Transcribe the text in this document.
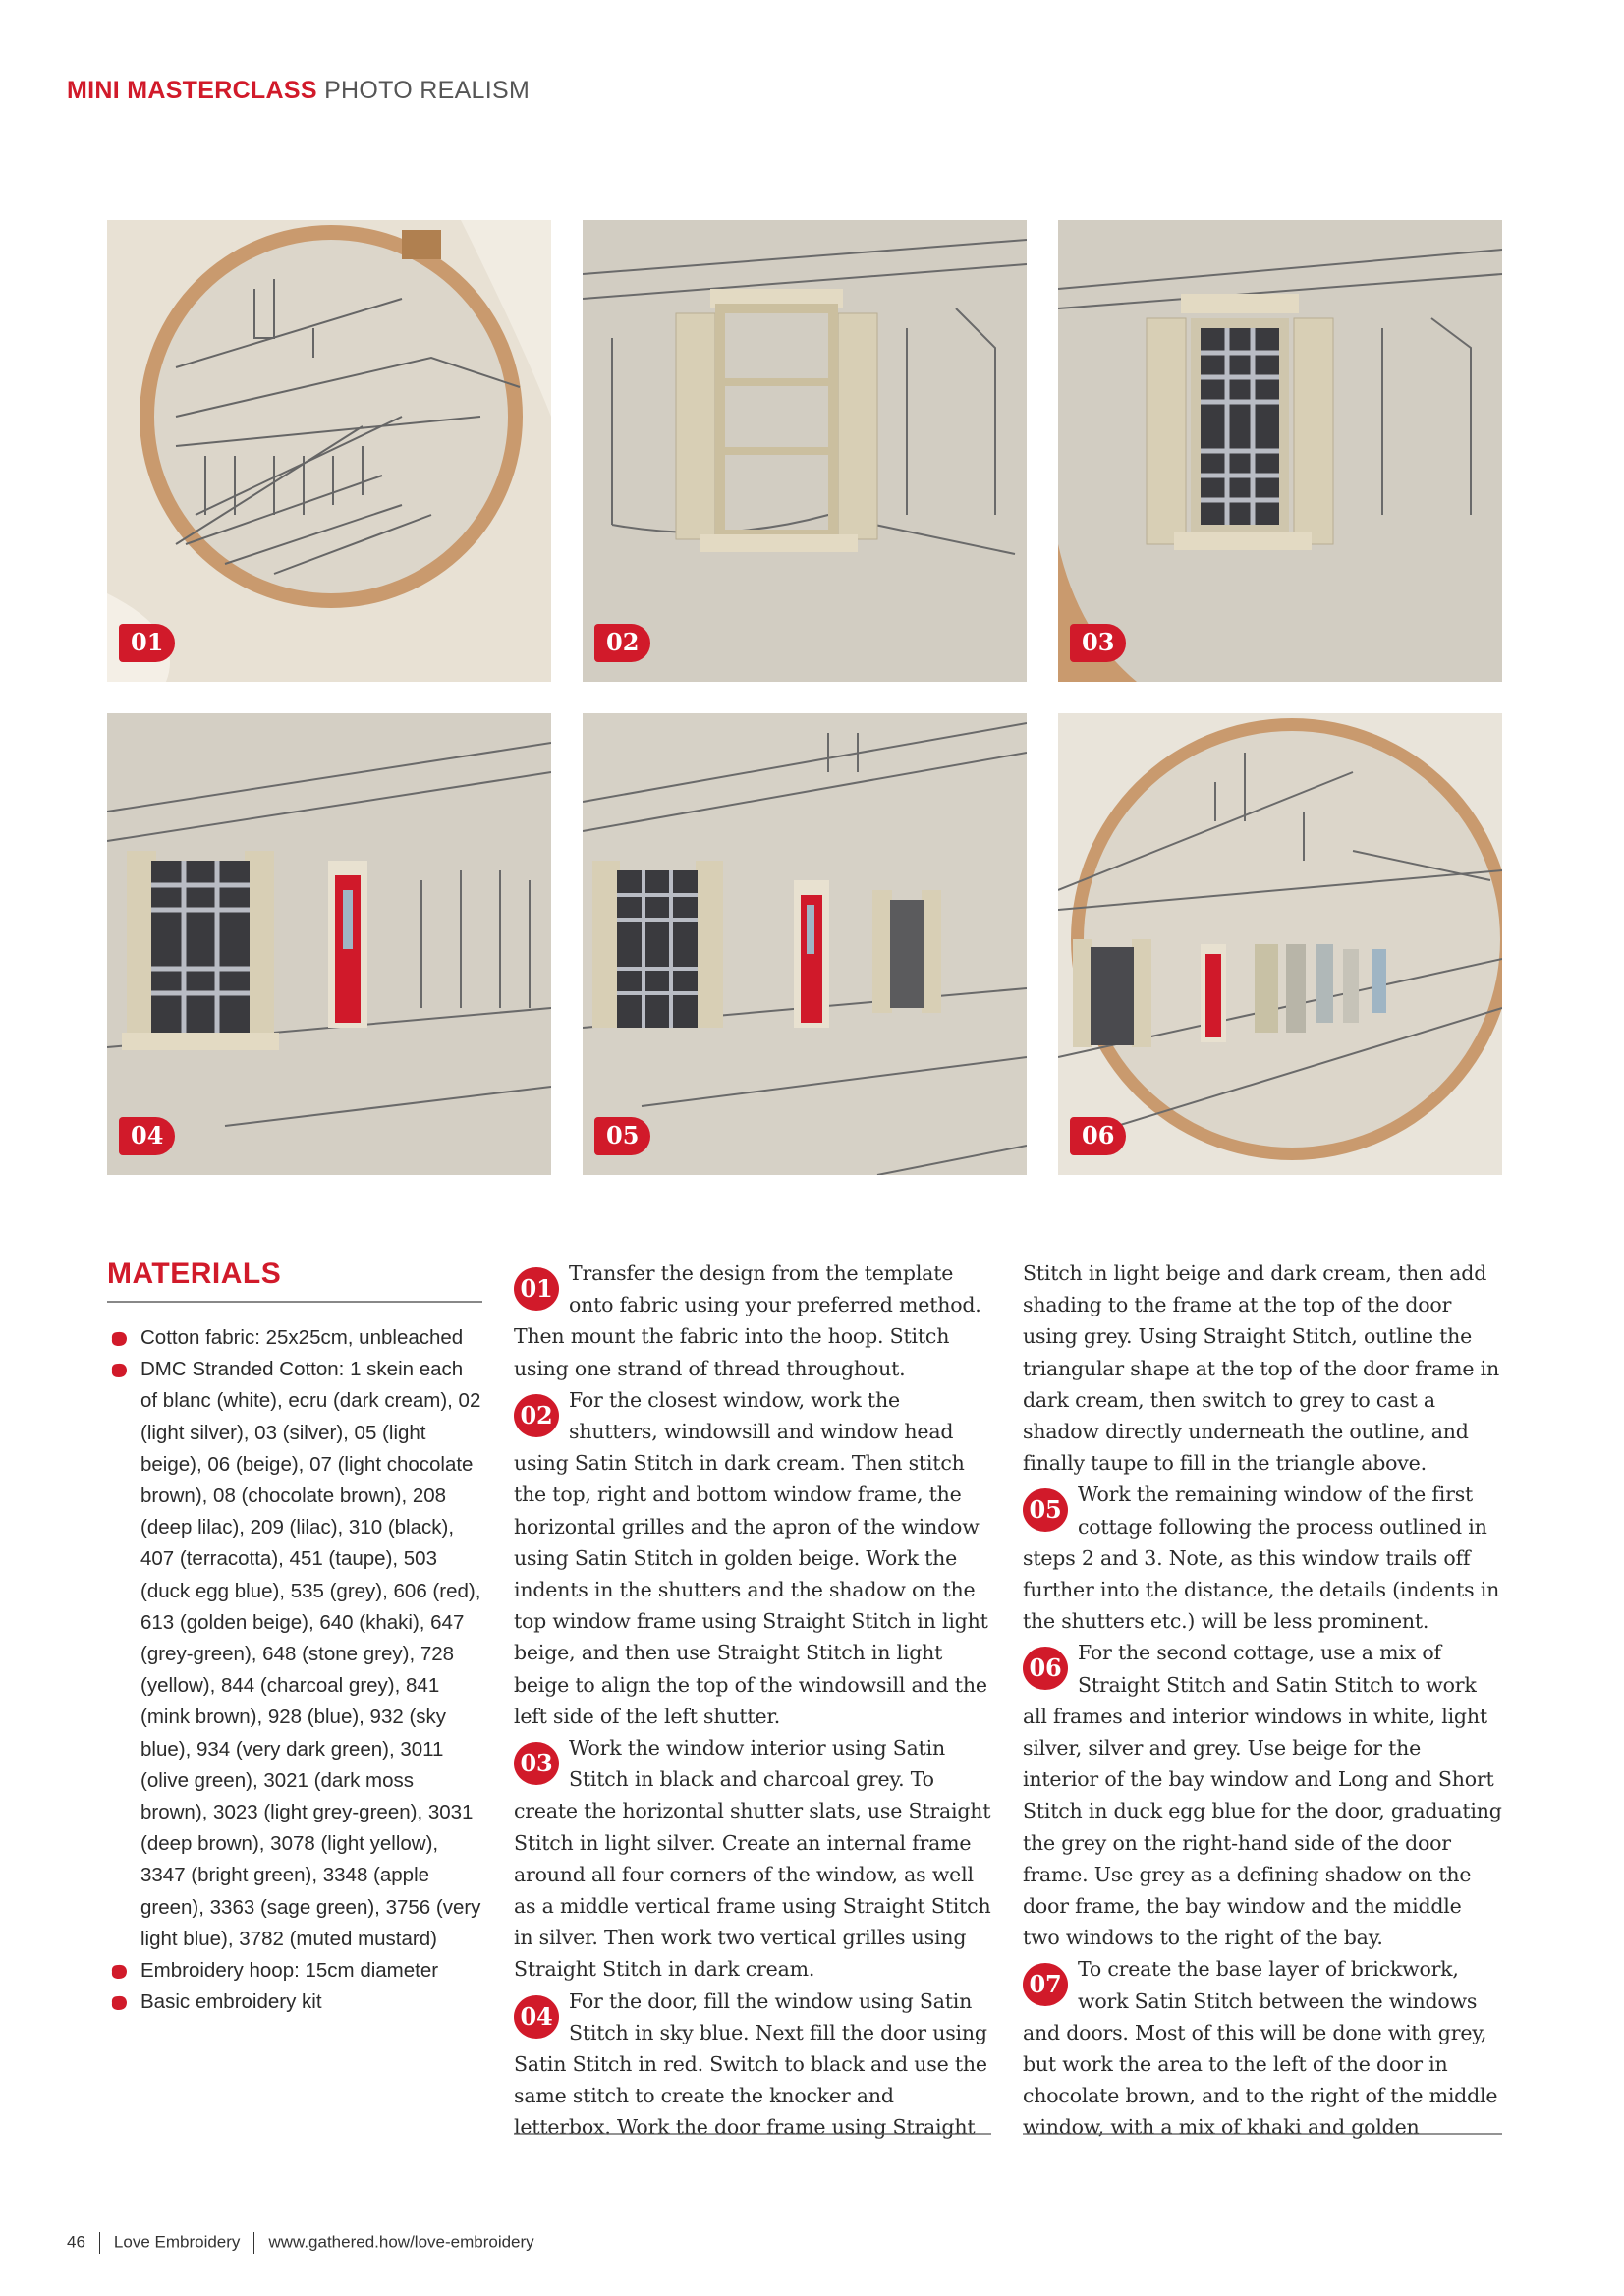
MINI MASTERCLASS PHOTO REALISM
01	02	03
04	05	06
MATERIALS
Cotton fabric: 25x25cm, unbleached
DMC Stranded Cotton: 1 skein each of blanc (white), ecru (dark cream), 02 (light silver), 03 (silver), 05 (light beige), 06 (beige), 07 (light chocolate brown), 08 (chocolate brown), 208 (deep lilac), 209 (lilac), 310 (black), 407 (terracotta), 451 (taupe), 503 (duck egg blue), 535 (grey), 606 (red), 613 (golden beige), 640 (khaki), 647 (grey-green), 648 (stone grey), 728 (yellow), 844 (charcoal grey), 841 (mink brown), 928 (blue), 932 (sky blue), 934 (very dark green), 3011 (olive green), 3021 (dark moss brown), 3023 (light grey-green), 3031 (deep brown), 3078 (light yellow), 3347 (bright green), 3348 (apple green), 3363 (sage green), 3756 (very light blue), 3782 (muted mustard)
Embroidery hoop: 15cm diameter
Basic embroidery kit

01
Transfer the design from the template onto fabric using your preferred method. Then mount the fabric into the hoop. Stitch using one strand of thread throughout.

02
For the closest window, work the shutters, windowsill and window head using Satin Stitch in dark cream. Then stitch the top, right and bottom window frame, the horizontal grilles and the apron of the window using Satin Stitch in golden beige. Work the indents in the shutters and the shadow on the top window frame using Straight Stitch in light beige, and then use Straight Stitch in light beige to align the top of the windowsill and the left side of the left shutter.

03
Work the window interior using Satin Stitch in black and charcoal grey. To create the horizontal shutter slats, use Straight Stitch in light silver. Create an internal frame around all four corners of the window, as well as a middle vertical frame using Straight Stitch in silver. Then work two vertical grilles using Straight Stitch in dark cream.

04
For the door, fill the window using Satin Stitch in sky blue. Next fill the door using Satin Stitch in red. Switch to black and use the same stitch to create the knocker and letterbox. Work the door frame using Straight

Stitch in light beige and dark cream, then add shading to the frame at the top of the door using grey. Using Straight Stitch, outline the triangular shape at the top of the door frame in dark cream, then switch to grey to cast a shadow directly underneath the outline, and finally taupe to fill in the triangle above.

05
Work the remaining window of the first cottage following the process outlined in steps 2 and 3. Note, as this window trails off further into the distance, the details (indents in the shutters etc.) will be less prominent.

06
For the second cottage, use a mix of Straight Stitch and Satin Stitch to work all frames and interior windows in white, light silver, silver and grey. Use beige for the interior of the bay window and Long and Short Stitch in duck egg blue for the door, graduating the grey on the right-hand side of the door frame. Use grey as a defining shadow on the door frame, the bay window and the middle two windows to the right of the bay.

07
To create the base layer of brickwork, work Satin Stitch between the windows and doors. Most of this will be done with grey, but work the area to the left of the door in chocolate brown, and to the right of the middle window, with a mix of khaki and golden

46 Love Embroidery www.gathered.how/love-embroidery
